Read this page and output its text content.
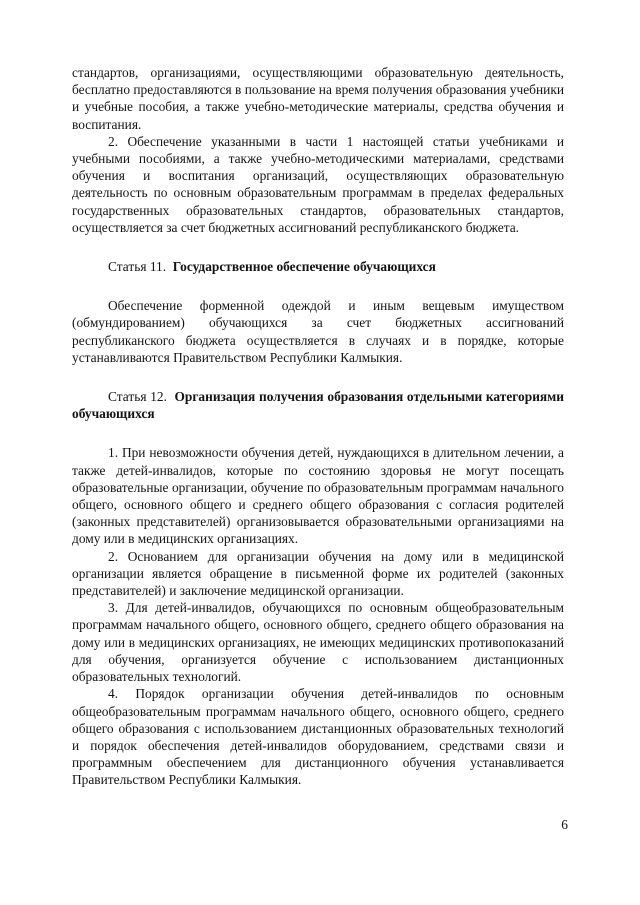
стандартов, организациями, осуществляющими образовательную деятельность, бесплатно предоставляются в пользование на время получения образования учебники и учебные пособия, а также учебно-методические материалы, средства обучения и воспитания.

2. Обеспечение указанными в части 1 настоящей статьи учебниками и учебными пособиями, а также учебно-методическими материалами, средствами обучения и воспитания организаций, осуществляющих образовательную деятельность по основным образовательным программам в пределах федеральных государственных образовательных стандартов, образовательных стандартов, осуществляется за счет бюджетных ассигнований республиканского бюджета.

Статья 11. Государственное обеспечение обучающихся

Обеспечение форменной одеждой и иным вещевым имуществом (обмундированием) обучающихся за счет бюджетных ассигнований республиканского бюджета осуществляется в случаях и в порядке, которые устанавливаются Правительством Республики Калмыкия.

Статья 12. Организация получения образования отдельными категориями обучающихся

1. При невозможности обучения детей, нуждающихся в длительном лечении, а также детей-инвалидов, которые по состоянию здоровья не могут посещать образовательные организации, обучение по образовательным программам начального общего, основного общего и среднего общего образования с согласия родителей (законных представителей) организовывается образовательными организациями на дому или в медицинских организациях.

2. Основанием для организации обучения на дому или в медицинской организации является обращение в письменной форме их родителей (законных представителей) и заключение медицинской организации.

3. Для детей-инвалидов, обучающихся по основным общеобразовательным программам начального общего, основного общего, среднего общего образования на дому или в медицинских организациях, не имеющих медицинских противопоказаний для обучения, организуется обучение с использованием дистанционных образовательных технологий.

4. Порядок организации обучения детей-инвалидов по основным общеобразовательным программам начального общего, основного общего, среднего общего образования с использованием дистанционных образовательных технологий и порядок обеспечения детей-инвалидов оборудованием, средствами связи и программным обеспечением для дистанционного обучения устанавливается Правительством Республики Калмыкия.

6
